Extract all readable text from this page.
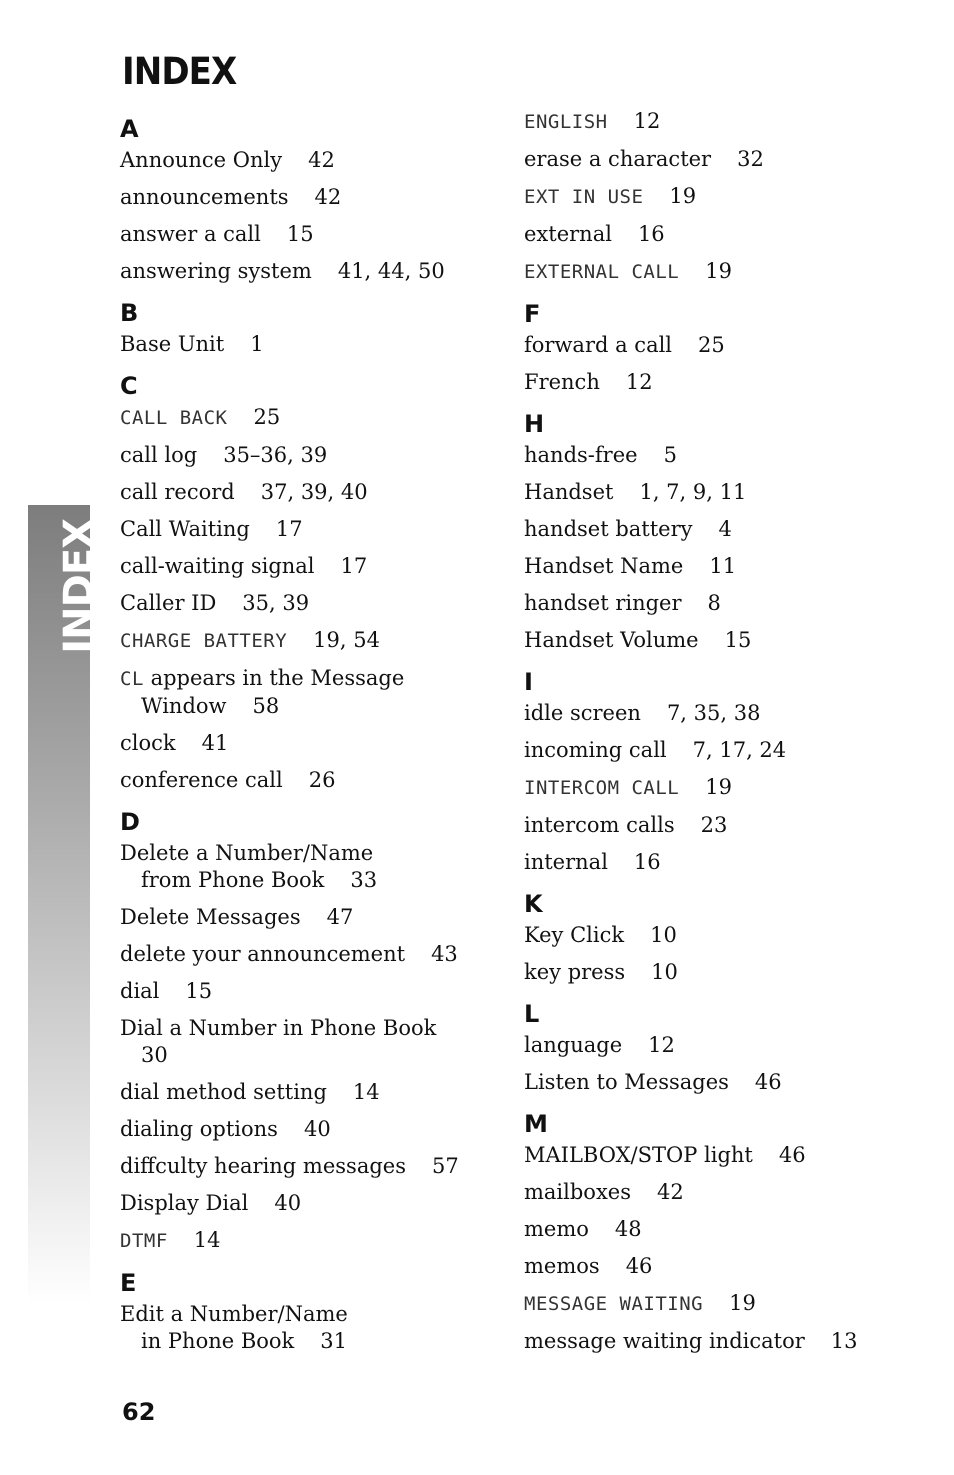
INDEX
INDEX
A
Announce Only 42
announcements 42
answer a call 15
answering system 41, 44, 50
B
Base Unit 1
C
CALL BACK 25
call log 35–36, 39
call record 37, 39, 40
Call Waiting 17
call-waiting signal 17
Caller ID 35, 39
CHARGE BATTERY 19, 54
CL appears in the Message
Window 58
clock 41
conference call 26
D
Delete a Number/Name
from Phone Book 33
Delete Messages 47
delete your announcement 43
dial 15
Dial a Number in Phone Book
30
dial method setting 14
dialing options 40
diffculty hearing messages 57
Display Dial 40
DTMF 14
E
Edit a Number/Name
in Phone Book 31
ENGLISH 12
erase a character 32
EXT IN USE 19
external 16
EXTERNAL CALL 19
F
forward a call 25
French 12
H
hands-free 5
Handset 1, 7, 9, 11
handset battery 4
Handset Name 11
handset ringer 8
Handset Volume 15
I
idle screen 7, 35, 38
incoming call 7, 17, 24
INTERCOM CALL 19
intercom calls 23
internal 16
K
Key Click 10
key press 10
L
language 12
Listen to Messages 46
M
MAILBOX/STOP light 46
mailboxes 42
memo 48
memos 46
MESSAGE WAITING 19
message waiting indicator 13
62
